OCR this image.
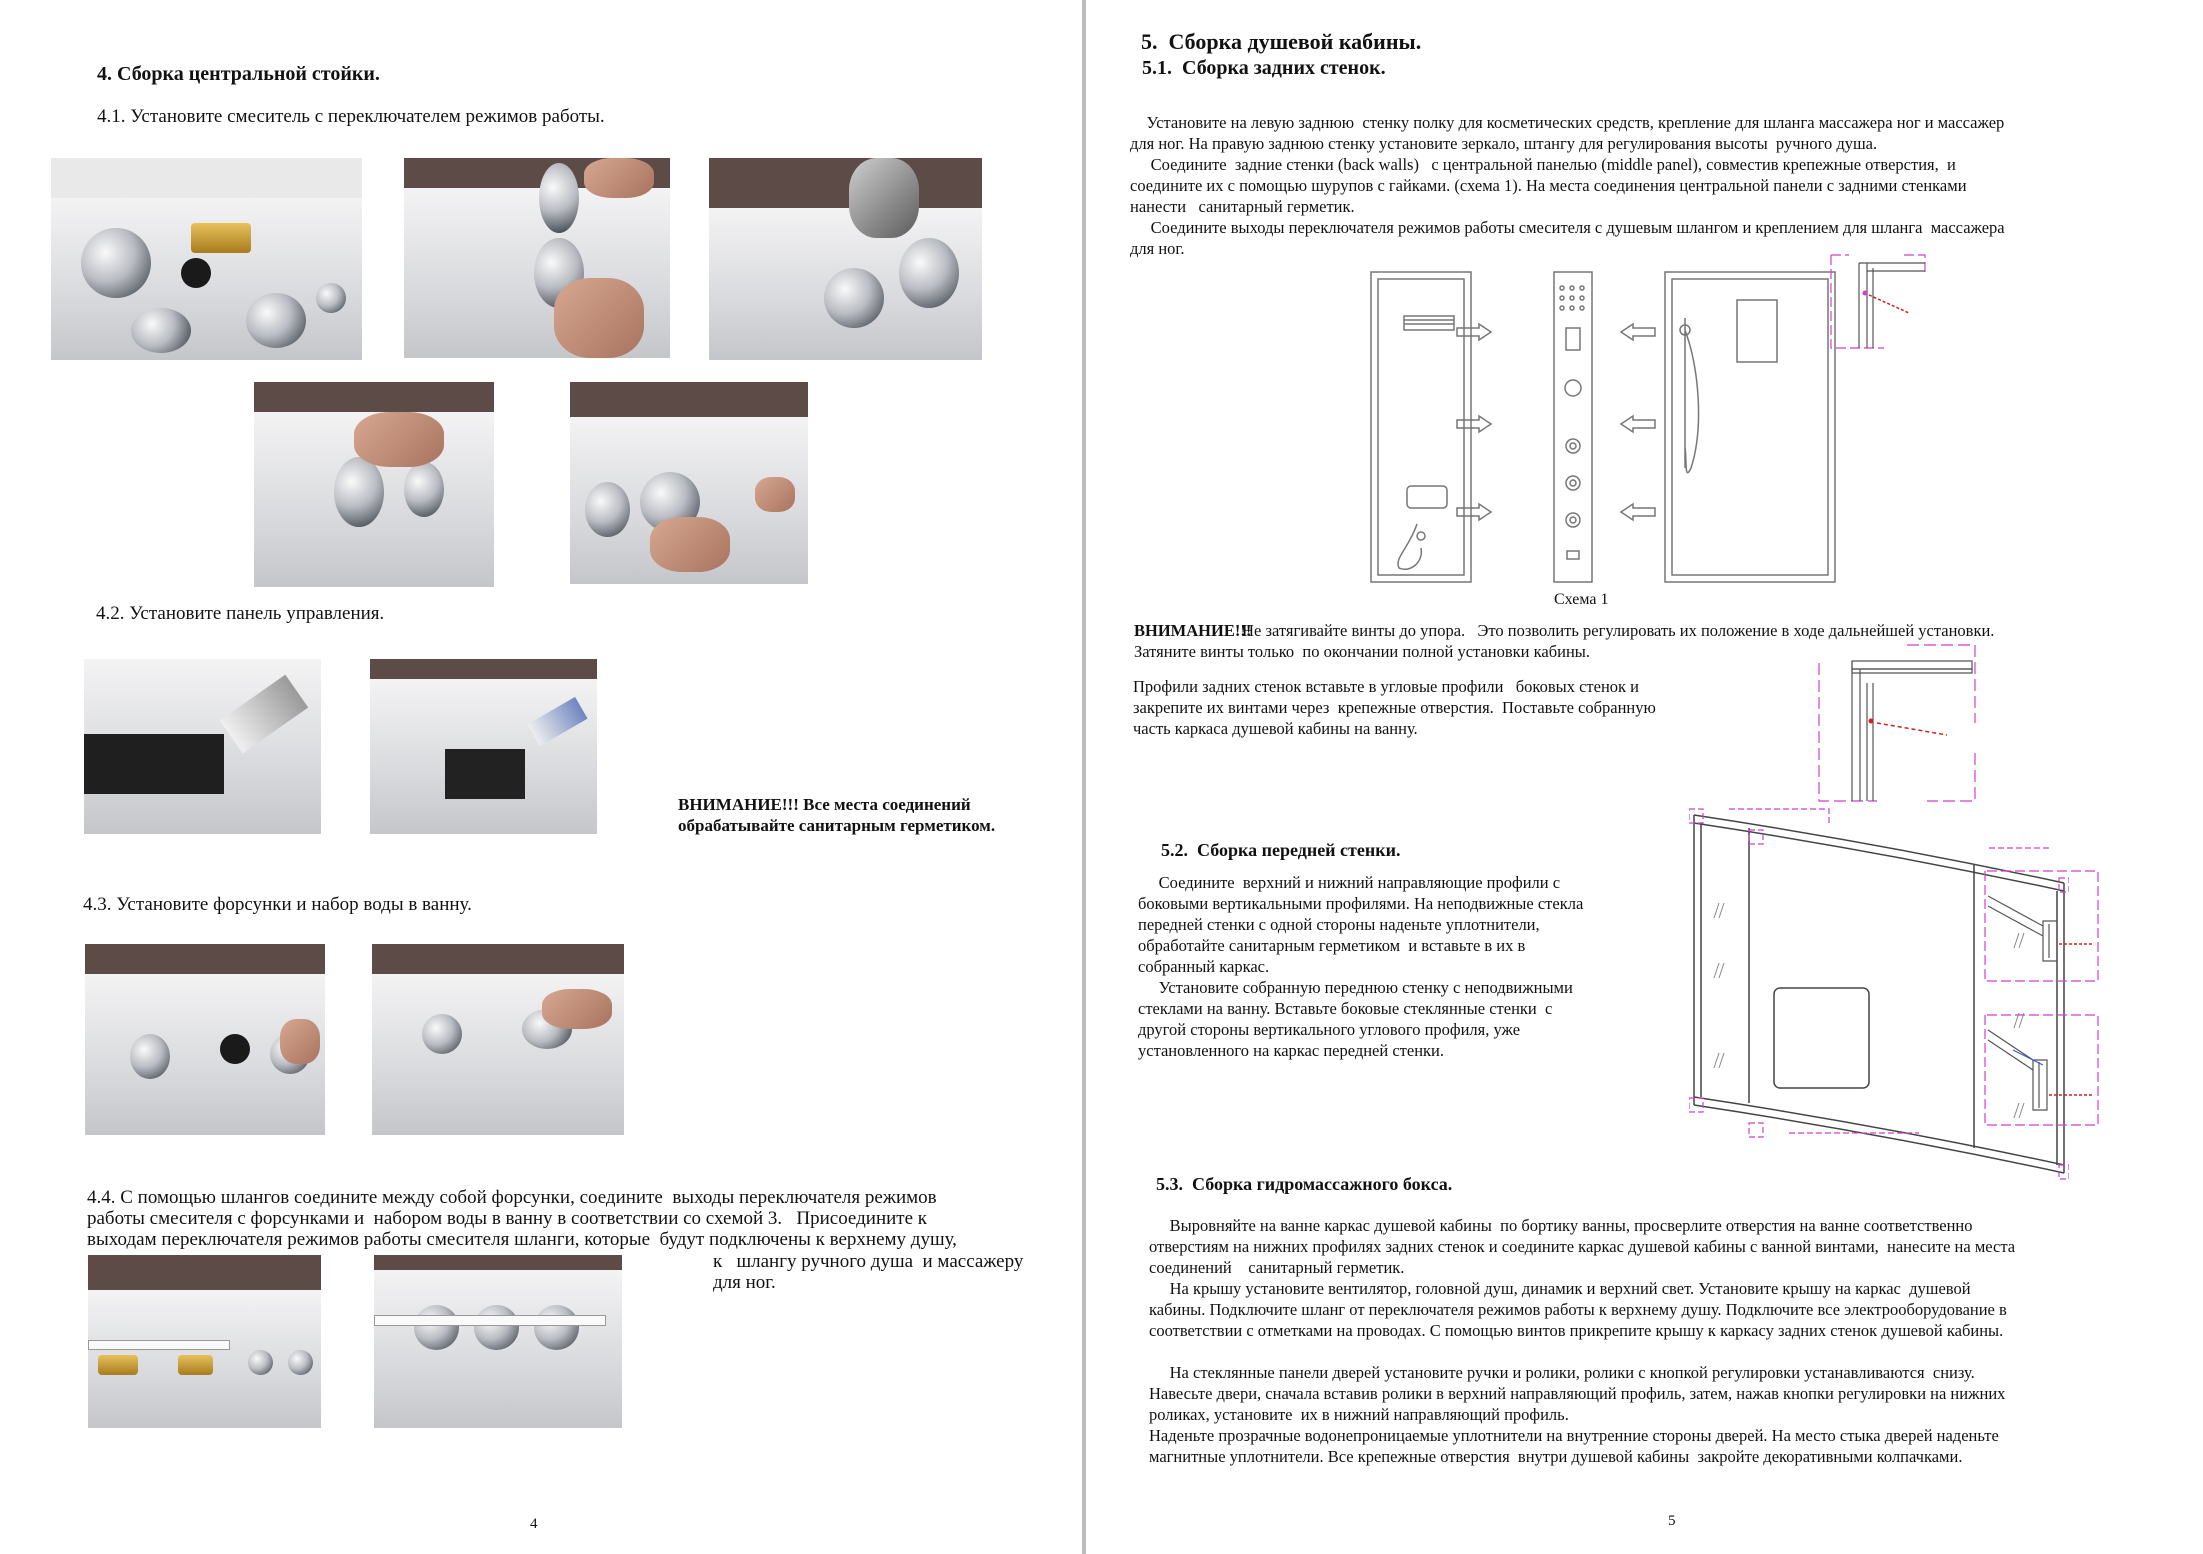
4. Сборка центральной стойки.
4.1. Установите смеситель с переключателем режимов работы.
4.2. Установите панель управления.
ВНИМАНИЕ!!! Все места соединений
обрабатывайте санитарным герметиком.
4.3. Установите форсунки и набор воды в ванну.
4.4. С помощью шлангов соедините между собой форсунки, соедините  выходы переключателя режимов
работы смесителя с форсунками и  набором воды в ванну в соответствии со схемой 3.   Присоедините к
выходам переключателя режимов работы смесителя шланги, которые  будут подключены к верхнему душу,
к   шлангу ручного душа  и массажеру
для ног.
4
5.  Сборка душевой кабины.
5.1.  Сборка задних стенок.
Установите на левую заднюю  стенку полку для косметических средств, крепление для шланга массажера ног и массажер
для ног. На правую заднюю стенку установите зеркало, штангу для регулирования высоты  ручного душа.
Соедините  задние стенки (back walls)   с центральной панелью (middle panel), совместив крепежные отверстия,  и
соедините их с помощью шурупов с гайками. (схема 1). На места соединения центральной панели с задними стенками
нанести   санитарный герметик.
Соедините выходы переключателя режимов работы смесителя с душевым шлангом и креплением для шланга  массажера
для ног.
Схема 1
ВНИМАНИЕ!!!
Не затягивайте винты до упора.   Это позволить регулировать их положение в ходе дальнейшей установки.
Затяните винты только  по окончании полной установки кабины.
Профили задних стенок вставьте в угловые профили   боковых стенок и
закрепите их винтами через  крепежные отверстия.  Поставьте собранную
часть каркаса душевой кабины на ванну.
5.2.  Сборка передней стенки.
Соедините  верхний и нижний направляющие профили с
боковыми вертикальными профилями. На неподвижные стекла
передней стенки с одной стороны наденьте уплотнители,
обработайте санитарным герметиком  и вставьте в их в
собранный каркас.
Установите собранную переднюю стенку с неподвижными
стеклами на ванну. Вставьте боковые стеклянные стенки  с
другой стороны вертикального углового профиля, уже
установленного на каркас передней стенки.
5.3.  Сборка гидромассажного бокса.
Выровняйте на ванне каркас душевой кабины  по бортику ванны, просверлите отверстия на ванне соответственно
отверстиям на нижних профилях задних стенок и соедините каркас душевой кабины с ванной винтами,  нанесите на места
соединений    санитарный герметик.
На крышу установите вентилятор, головной душ, динамик и верхний свет. Установите крышу на каркас  душевой
кабины. Подключите шланг от переключателя режимов работы к верхнему душу. Подключите все электрооборудование в
соответствии с отметками на проводах. С помощью винтов прикрепите крышу к каркасу задних стенок душевой кабины.
На стеклянные панели дверей установите ручки и ролики, ролики с кнопкой регулировки устанавливаются  снизу.
Навесьте двери, сначала вставив ролики в верхний направляющий профиль, затем, нажав кнопки регулировки на нижних
роликах, установите  их в нижний направляющий профиль.
Наденьте прозрачные водонепроницаемые уплотнители на внутренние стороны дверей. На место стыка дверей наденьте
магнитные уплотнители. Все крепежные отверстия  внутри душевой кабины  закройте декоративными колпачками.
5
